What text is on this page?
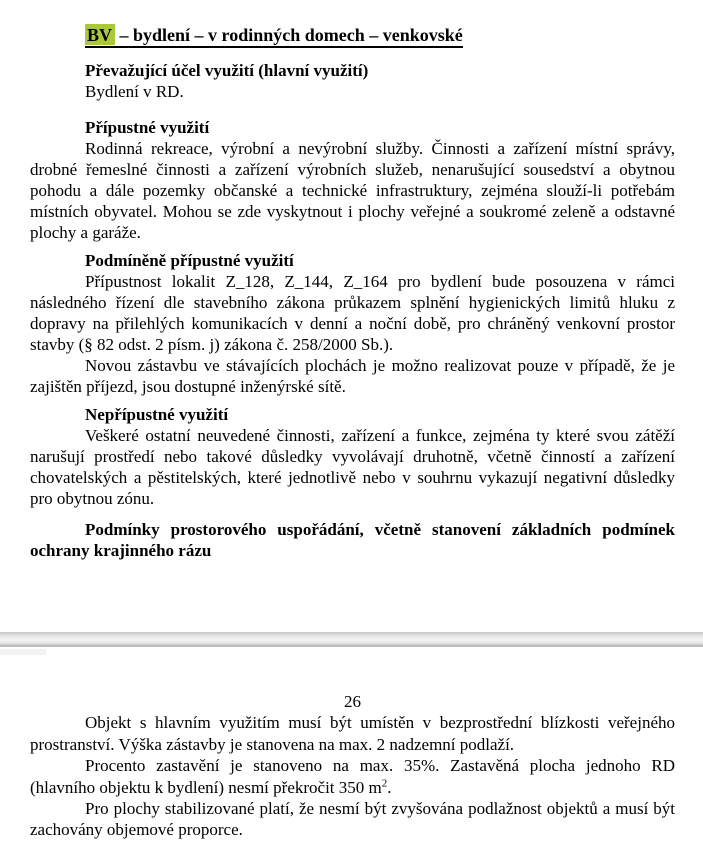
BV – bydlení – v rodinných domech – venkovské

Převažující účel využití (hlavní využití)

Bydlení v RD.

Přípustné využití

Rodinná rekreace, výrobní a nevýrobní služby. Činnosti a zařízení místní správy, drobné řemeslné činnosti a zařízení výrobních služeb, nenarušující sousedství a obytnou pohodu a dále pozemky občanské a technické infrastruktury, zejména slouží-li potřebám místních obyvatel. Mohou se zde vyskytnout i plochy veřejné a soukromé zeleně a odstavné plochy a garáže.

Podmíněně přípustné využití

Přípustnost lokalit Z_128, Z_144, Z_164 pro bydlení bude posouzena v rámci následného řízení dle stavebního zákona průkazem splnění hygienických limitů hluku z dopravy na přilehlých komunikacích v denní a noční době, pro chráněný venkovní prostor stavby (§ 82 odst. 2 písm. j) zákona č. 258/2000 Sb.).

Novou zástavbu ve stávajících plochách je možno realizovat pouze v případě, že je zajištěn příjezd, jsou dostupné inženýrské sítě.

Nepřípustné využití

Veškeré ostatní neuvedené činnosti, zařízení a funkce, zejména ty které svou zátěží narušují prostředí nebo takové důsledky vyvolávají druhotně, včetně činností a zařízení chovatelských a pěstitelských, které jednotlivě nebo v souhrnu vykazují negativní důsledky pro obytnou zónu.

Podmínky prostorového uspořádání, včetně stanovení základních podmínek ochrany krajinného rázu

26

Objekt s hlavním využitím musí být umístěn v bezprostřední blízkosti veřejného prostranství. Výška zástavby je stanovena na max. 2 nadzemní podlaží.

Procento zastavění je stanoveno na max. 35%. Zastavěná plocha jednoho RD (hlavního objektu k bydlení) nesmí překročit 350 $m^2$.

Pro plochy stabilizované platí, že nesmí být zvyšována podlažnost objektů a musí být zachovány objemové proporce.
